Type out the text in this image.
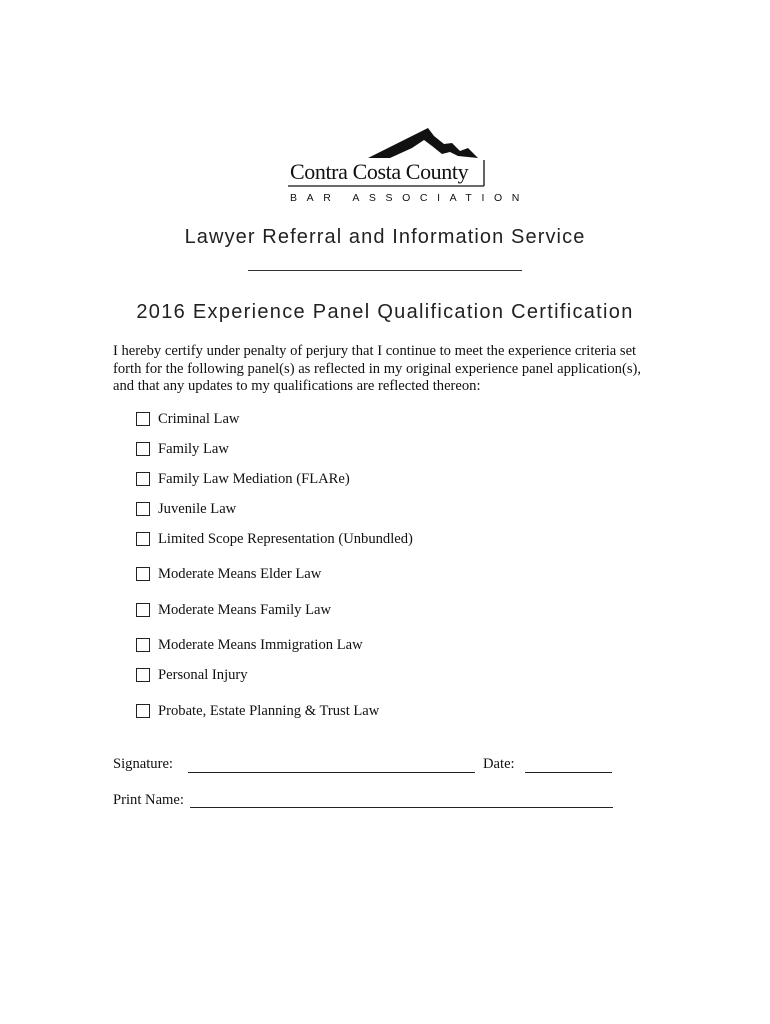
Contra Costa County
BAR ASSOCIATION
Lawyer Referral and Information Service
2016 Experience Panel Qualification Certification
I hereby certify under penalty of perjury that I continue to meet the experience criteria set
forth for the following panel(s) as reflected in my original experience panel application(s),
and that any updates to my qualifications are reflected thereon:
Criminal Law
Family Law
Family Law Mediation (FLARe)
Juvenile Law
Limited Scope Representation (Unbundled)
Moderate Means Elder Law
Moderate Means Family Law
Moderate Means Immigration Law
Personal Injury
Probate, Estate Planning & Trust Law
Signature:	Date:
Print Name:
